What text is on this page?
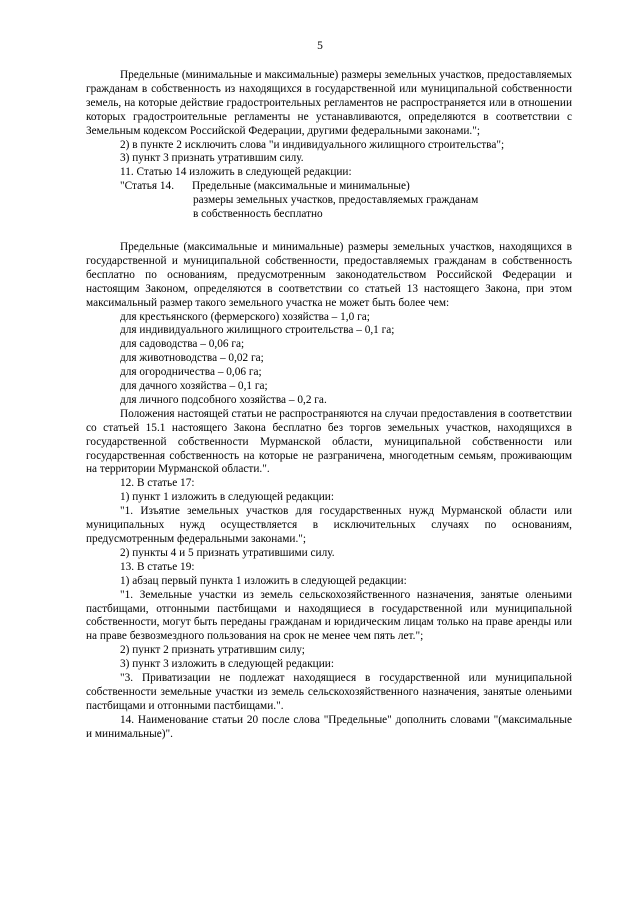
5

Предельные (минимальные и максимальные) размеры земельных участков, предоставляемых гражданам в собственность из находящихся в государственной или муниципальной собственности земель, на которые действие градостроительных регламентов не распространяется или в отношении которых градостроительные регламенты не устанавливаются, определяются в соответствии с Земельным кодексом Российской Федерации, другими федеральными законами.";

2) в пункте 2 исключить слова "и индивидуального жилищного строительства";

3) пункт 3 признать утратившим силу.

11. Статью 14 изложить в следующей редакции:

"Статья 14.	Предельные (максимальные и минимальные)
размеры земельных участков, предоставляемых гражданам
в собственность бесплатно

Предельные (максимальные и минимальные) размеры земельных участков, находящихся в государственной и муниципальной собственности, предоставляемых гражданам в собственность бесплатно по основаниям, предусмотренным законодательством Российской Федерации и настоящим Законом, определяются в соответствии со статьей 13 настоящего Закона, при этом максимальный размер такого земельного участка не может быть более чем:

для крестьянского (фермерского) хозяйства – 1,0 га;

для индивидуального жилищного строительства – 0,1 га;

для садоводства – 0,06 га;

для животноводства – 0,02 га;

для огородничества – 0,06 га;

для дачного хозяйства – 0,1 га;

для личного подсобного хозяйства – 0,2 га.

Положения настоящей статьи не распространяются на случаи предоставления в соответствии со статьей 15.1 настоящего Закона бесплатно без торгов земельных участков, находящихся в государственной собственности Мурманской области, муниципальной собственности или государственная собственность на которые не разграничена, многодетным семьям, проживающим на территории Мурманской области.".

12. В статье 17:

1) пункт 1 изложить в следующей редакции:

"1. Изъятие земельных участков для государственных нужд Мурманской области или муниципальных нужд осуществляется в исключительных случаях по основаниям, предусмотренным федеральными законами.";

2) пункты 4 и 5 признать утратившими силу.

13. В статье 19:

1) абзац первый пункта 1 изложить в следующей редакции:

"1. Земельные участки из земель сельскохозяйственного назначения, занятые оленьими пастбищами, отгонными пастбищами и находящиеся в государственной или муниципальной собственности, могут быть переданы гражданам и юридическим лицам только на праве аренды или на праве безвозмездного пользования на срок не менее чем пять лет.";

2) пункт 2 признать утратившим силу;

3) пункт 3 изложить в следующей редакции:

"3. Приватизации не подлежат находящиеся в государственной или муниципальной собственности земельные участки из земель сельскохозяйственного назначения, занятые оленьими пастбищами и отгонными пастбищами.".

14. Наименование статьи 20 после слова "Предельные" дополнить словами "(максимальные и минимальные)".
